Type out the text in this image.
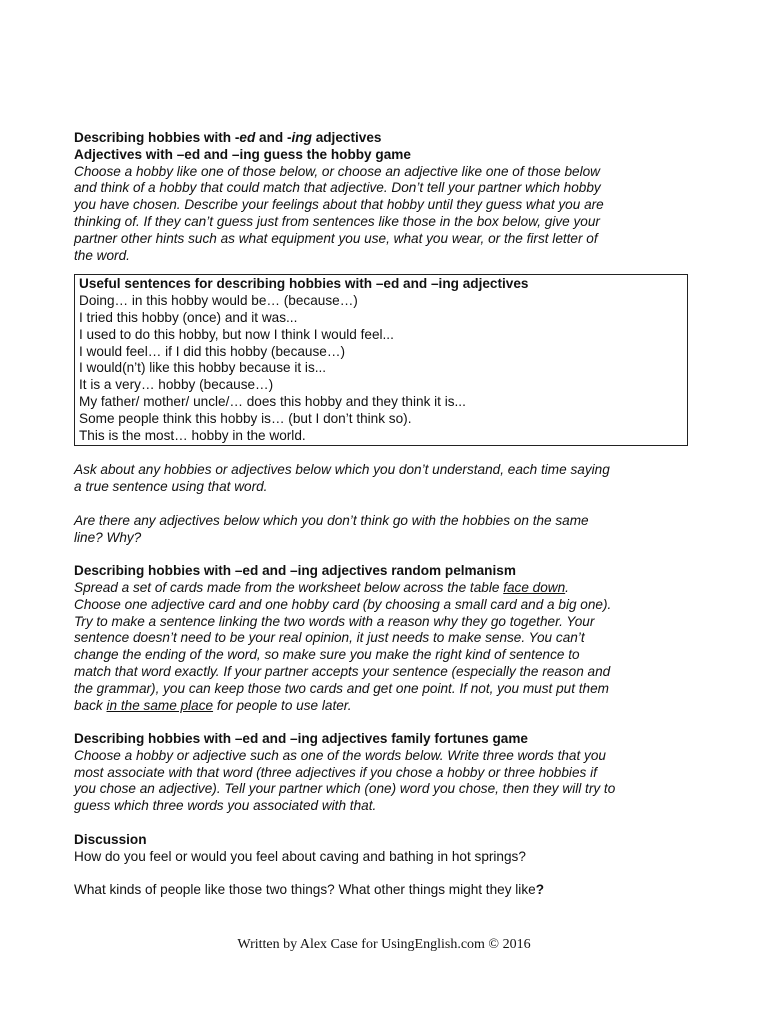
Describing hobbies with -ed and -ing adjectives

Adjectives with –ed and –ing guess the hobby game

Choose a hobby like one of those below, or choose an adjective like one of those below

and think of a hobby that could match that adjective. Don’t tell your partner which hobby

you have chosen. Describe your feelings about that hobby until they guess what you are

thinking of. If they can’t guess just from sentences like those in the box below, give your

partner other hints such as what equipment you use, what you wear, or the first letter of

the word.

Useful sentences for describing hobbies with –ed and –ing adjectives

Doing… in this hobby would be… (because…)

I tried this hobby (once) and it was...

I used to do this hobby, but now I think I would feel...

I would feel… if I did this hobby (because…)

I would(n’t) like this hobby because it is...

It is a very… hobby (because…)

My father/ mother/ uncle/… does this hobby and they think it is...

Some people think this hobby is… (but I don’t think so).

This is the most… hobby in the world.

Ask about any hobbies or adjectives below which you don’t understand, each time saying

a true sentence using that word.

Are there any adjectives below which you don’t think go with the hobbies on the same

line? Why?

Describing hobbies with –ed and –ing adjectives random pelmanism

Spread a set of cards made from the worksheet below across the table face down.

Choose one adjective card and one hobby card (by choosing a small card and a big one).

Try to make a sentence linking the two words with a reason why they go together. Your

sentence doesn’t need to be your real opinion, it just needs to make sense. You can’t

change the ending of the word, so make sure you make the right kind of sentence to

match that word exactly. If your partner accepts your sentence (especially the reason and

the grammar), you can keep those two cards and get one point. If not, you must put them

back in the same place for people to use later.

Describing hobbies with –ed and –ing adjectives family fortunes game

Choose a hobby or adjective such as one of the words below. Write three words that you

most associate with that word (three adjectives if you chose a hobby or three hobbies if

you chose an adjective). Tell your partner which (one) word you chose, then they will try to

guess which three words you associated with that.

Discussion

How do you feel or would you feel about caving and bathing in hot springs?

What kinds of people like those two things? What other things might they like?

Written by Alex Case for UsingEnglish.com © 2016
